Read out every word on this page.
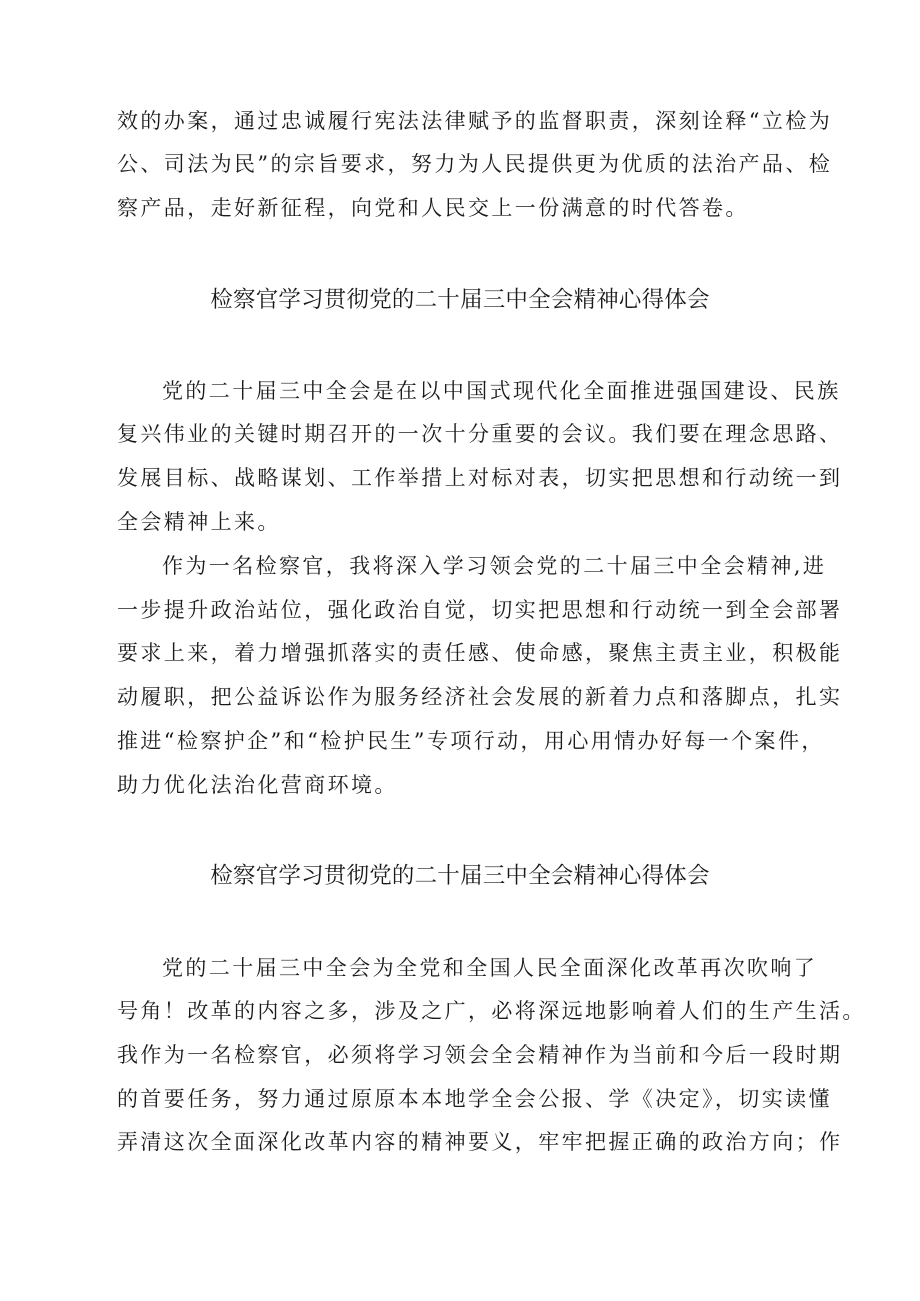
效的办案，通过忠诚履行宪法法律赋予的监督职责，深刻诠释“立检为
公、司法为民”的宗旨要求，努力为人民提供更为优质的法治产品、检
察产品，走好新征程，向党和人民交上一份满意的时代答卷。
检察官学习贯彻党的二十届三中全会精神心得体会
党的二十届三中全会是在以中国式现代化全面推进强国建设、民族
复兴伟业的关键时期召开的一次十分重要的会议。我们要在理念思路、
发展目标、战略谋划、工作举措上对标对表，切实把思想和行动统一到
全会精神上来。
作为一名检察官，我将深入学习领会党的二十届三中全会精神,进
一步提升政治站位，强化政治自觉，切实把思想和行动统一到全会部署
要求上来，着力增强抓落实的责任感、使命感，聚焦主责主业，积极能
动履职，把公益诉讼作为服务经济社会发展的新着力点和落脚点，扎实
推进“检察护企”和“检护民生”专项行动，用心用情办好每一个案件，
助力优化法治化营商环境。
检察官学习贯彻党的二十届三中全会精神心得体会
党的二十届三中全会为全党和全国人民全面深化改革再次吹响了
号角！改革的内容之多，涉及之广，必将深远地影响着人们的生产生活。
我作为一名检察官，必须将学习领会全会精神作为当前和今后一段时期
的首要任务，努力通过原原本本地学全会公报、学《决定》，切实读懂
弄清这次全面深化改革内容的精神要义，牢牢把握正确的政治方向；作
